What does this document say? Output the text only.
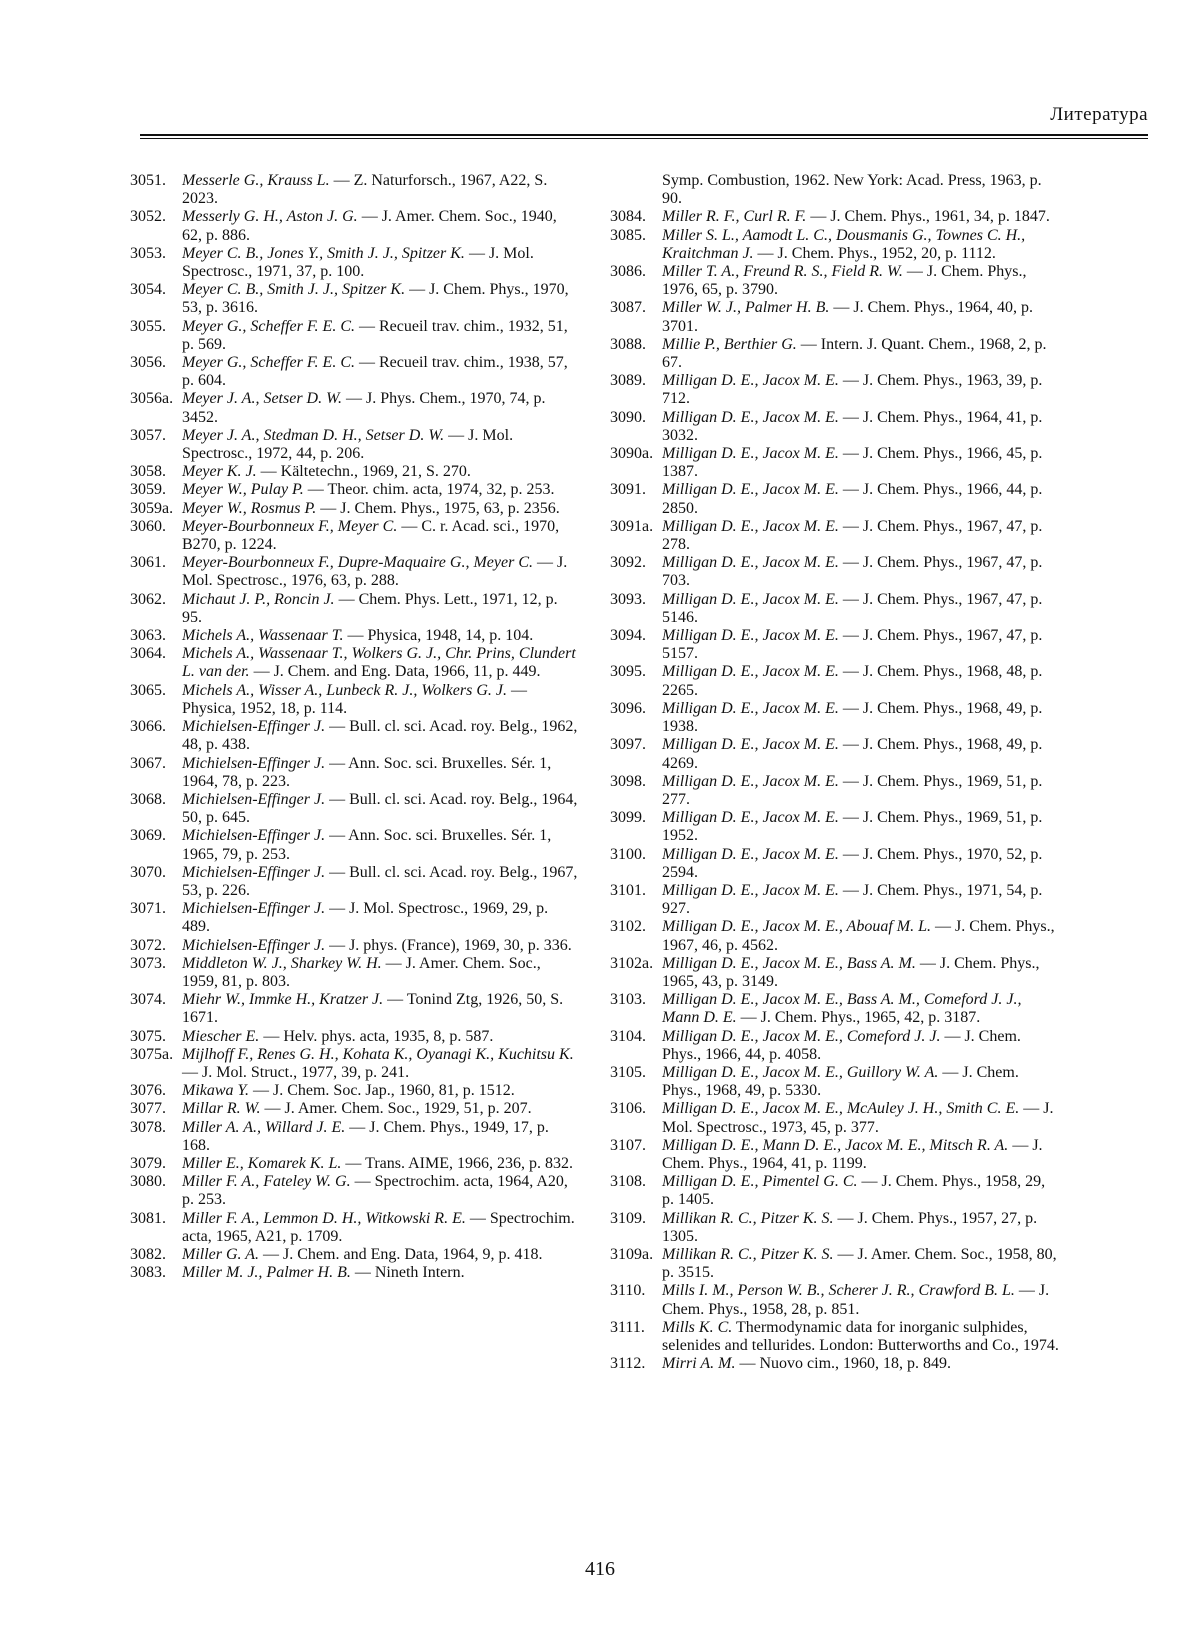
Литература
3051.	Messerle G., Krauss L. — Z. Naturforsch., 1967, A22, S. 2023.
3052.	Messerly G. H., Aston J. G. — J. Amer. Chem. Soc., 1940, 62, p. 886.
3053.	Meyer C. B., Jones Y., Smith J. J., Spitzer K. — J. Mol. Spectrosc., 1971, 37, p. 100.
3054.	Meyer C. B., Smith J. J., Spitzer K. — J. Chem. Phys., 1970, 53, p. 3616.
3055.	Meyer G., Scheffer F. E. C. — Recueil trav. chim., 1932, 51, p. 569.
3056.	Meyer G., Scheffer F. E. C. — Recueil trav. chim., 1938, 57, p. 604.
3056a. Meyer J. A., Setser D. W. — J. Phys. Chem., 1970, 74, p. 3452.
3057.	Meyer J. A., Stedman D. H., Setser D. W. — J. Mol. Spectrosc., 1972, 44, p. 206.
3058.	Meyer K. J. — Kältetechn., 1969, 21, S. 270.
3059.	Meyer W., Pulay P. — Theor. chim. acta, 1974, 32, p. 253.
3059a. Meyer W., Rosmus P. — J. Chem. Phys., 1975, 63, p. 2356.
3060.	Meyer-Bourbonneux F., Meyer C. — C. r. Acad. sci., 1970, B270, p. 1224.
3061.	Meyer-Bourbonneux F., Dupre-Maquaire G., Meyer C. — J. Mol. Spectrosc., 1976, 63, p. 288.
3062.	Michaut J. P., Roncin J. — Chem. Phys. Lett., 1971, 12, p. 95.
3063.	Michels A., Wassenaar T. — Physica, 1948, 14, p. 104.
3064.	Michels A., Wassenaar T., Wolkers G. J., Chr. Prins, Clundert L. van der. — J. Chem. and Eng. Data, 1966, 11, p. 449.
3065.	Michels A., Wisser A., Lunbeck R. J., Wolkers G. J. — Physica, 1952, 18, p. 114.
3066.	Michielsen-Effinger J. — Bull. cl. sci. Acad. roy. Belg., 1962, 48, p. 438.
3067.	Michielsen-Effinger J. — Ann. Soc. sci. Bruxelles. Sér. 1, 1964, 78, p. 223.
3068.	Michielsen-Effinger J. — Bull. cl. sci. Acad. roy. Belg., 1964, 50, p. 645.
3069.	Michielsen-Effinger J. — Ann. Soc. sci. Bruxelles. Sér. 1, 1965, 79, p. 253.
3070.	Michielsen-Effinger J. — Bull. cl. sci. Acad. roy. Belg., 1967, 53, p. 226.
3071.	Michielsen-Effinger J. — J. Mol. Spectrosc., 1969, 29, p. 489.
3072.	Michielsen-Effinger J. — J. phys. (France), 1969, 30, p. 336.
3073.	Middleton W. J., Sharkey W. H. — J. Amer. Chem. Soc., 1959, 81, p. 803.
3074.	Miehr W., Immke H., Kratzer J. — Tonind Ztg, 1926, 50, S. 1671.
3075.	Miescher E. — Helv. phys. acta, 1935, 8, p. 587.
3075a. Mijlhoff F., Renes G. H., Kohata K., Oyanagi K., Kuchitsu K. — J. Mol. Struct., 1977, 39, p. 241.
3076.	Mikawa Y. — J. Chem. Soc. Jap., 1960, 81, p. 1512.
3077.	Millar R. W. — J. Amer. Chem. Soc., 1929, 51, p. 207.
3078.	Miller A. A., Willard J. E. — J. Chem. Phys., 1949, 17, p. 168.
3079.	Miller E., Komarek K. L. — Trans. AIME, 1966, 236, p. 832.
3080.	Miller F. A., Fateley W. G. — Spectrochim. acta, 1964, A20, p. 253.
3081.	Miller F. A., Lemmon D. H., Witkowski R. E. — Spectrochim. acta, 1965, A21, p. 1709.
3082.	Miller G. A. — J. Chem. and Eng. Data, 1964, 9, p. 418.
3083.	Miller M. J., Palmer H. B. — Nineth Intern.
Symp. Combustion, 1962. New York: Acad. Press, 1963, p. 90.
3084.	Miller R. F., Curl R. F. — J. Chem. Phys., 1961, 34, p. 1847.
3085.	Miller S. L., Aamodt L. C., Dousmanis G., Townes C. H., Kraitchman J. — J. Chem. Phys., 1952, 20, p. 1112.
3086.	Miller T. A., Freund R. S., Field R. W. — J. Chem. Phys., 1976, 65, p. 3790.
3087.	Miller W. J., Palmer H. B. — J. Chem. Phys., 1964, 40, p. 3701.
3088.	Millie P., Berthier G. — Intern. J. Quant. Chem., 1968, 2, p. 67.
3089.	Milligan D. E., Jacox M. E. — J. Chem. Phys., 1963, 39, p. 712.
3090.	Milligan D. E., Jacox M. E. — J. Chem. Phys., 1964, 41, p. 3032.
3090a. Milligan D. E., Jacox M. E. — J. Chem. Phys., 1966, 45, p. 1387.
3091.	Milligan D. E., Jacox M. E. — J. Chem. Phys., 1966, 44, p. 2850.
3091a. Milligan D. E., Jacox M. E. — J. Chem. Phys., 1967, 47, p. 278.
3092.	Milligan D. E., Jacox M. E. — J. Chem. Phys., 1967, 47, p. 703.
3093.	Milligan D. E., Jacox M. E. — J. Chem. Phys., 1967, 47, p. 5146.
3094.	Milligan D. E., Jacox M. E. — J. Chem. Phys., 1967, 47, p. 5157.
3095.	Milligan D. E., Jacox M. E. — J. Chem. Phys., 1968, 48, p. 2265.
3096.	Milligan D. E., Jacox M. E. — J. Chem. Phys., 1968, 49, p. 1938.
3097.	Milligan D. E., Jacox M. E. — J. Chem. Phys., 1968, 49, p. 4269.
3098.	Milligan D. E., Jacox M. E. — J. Chem. Phys., 1969, 51, p. 277.
3099.	Milligan D. E., Jacox M. E. — J. Chem. Phys., 1969, 51, p. 1952.
3100.	Milligan D. E., Jacox M. E. — J. Chem. Phys., 1970, 52, p. 2594.
3101.	Milligan D. E., Jacox M. E. — J. Chem. Phys., 1971, 54, p. 927.
3102.	Milligan D. E., Jacox M. E., Abouaf M. L. — J. Chem. Phys., 1967, 46, p. 4562.
3102a. Milligan D. E., Jacox M. E., Bass A. M. — J. Chem. Phys., 1965, 43, p. 3149.
3103.	Milligan D. E., Jacox M. E., Bass A. M., Comeford J. J., Mann D. E. — J. Chem. Phys., 1965, 42, p. 3187.
3104.	Milligan D. E., Jacox M. E., Comeford J. J. — J. Chem. Phys., 1966, 44, p. 4058.
3105.	Milligan D. E., Jacox M. E., Guillory W. A. — J. Chem. Phys., 1968, 49, p. 5330.
3106.	Milligan D. E., Jacox M. E., McAuley J. H., Smith C. E. — J. Mol. Spectrosc., 1973, 45, p. 377.
3107.	Milligan D. E., Mann D. E., Jacox M. E., Mitsch R. A. — J. Chem. Phys., 1964, 41, p. 1199.
3108.	Milligan D. E., Pimentel G. C. — J. Chem. Phys., 1958, 29, p. 1405.
3109.	Millikan R. C., Pitzer K. S. — J. Chem. Phys., 1957, 27, p. 1305.
3109a. Millikan R. C., Pitzer K. S. — J. Amer. Chem. Soc., 1958, 80, p. 3515.
3110.	Mills I. M., Person W. B., Scherer J. R., Crawford B. L. — J. Chem. Phys., 1958, 28, p. 851.
3111.	Mills K. C. Thermodynamic data for inorganic sulphides, selenides and tellurides. London: Butterworths and Co., 1974.
3112.	Mirri A. M. — Nuovo cim., 1960, 18, p. 849.
416
